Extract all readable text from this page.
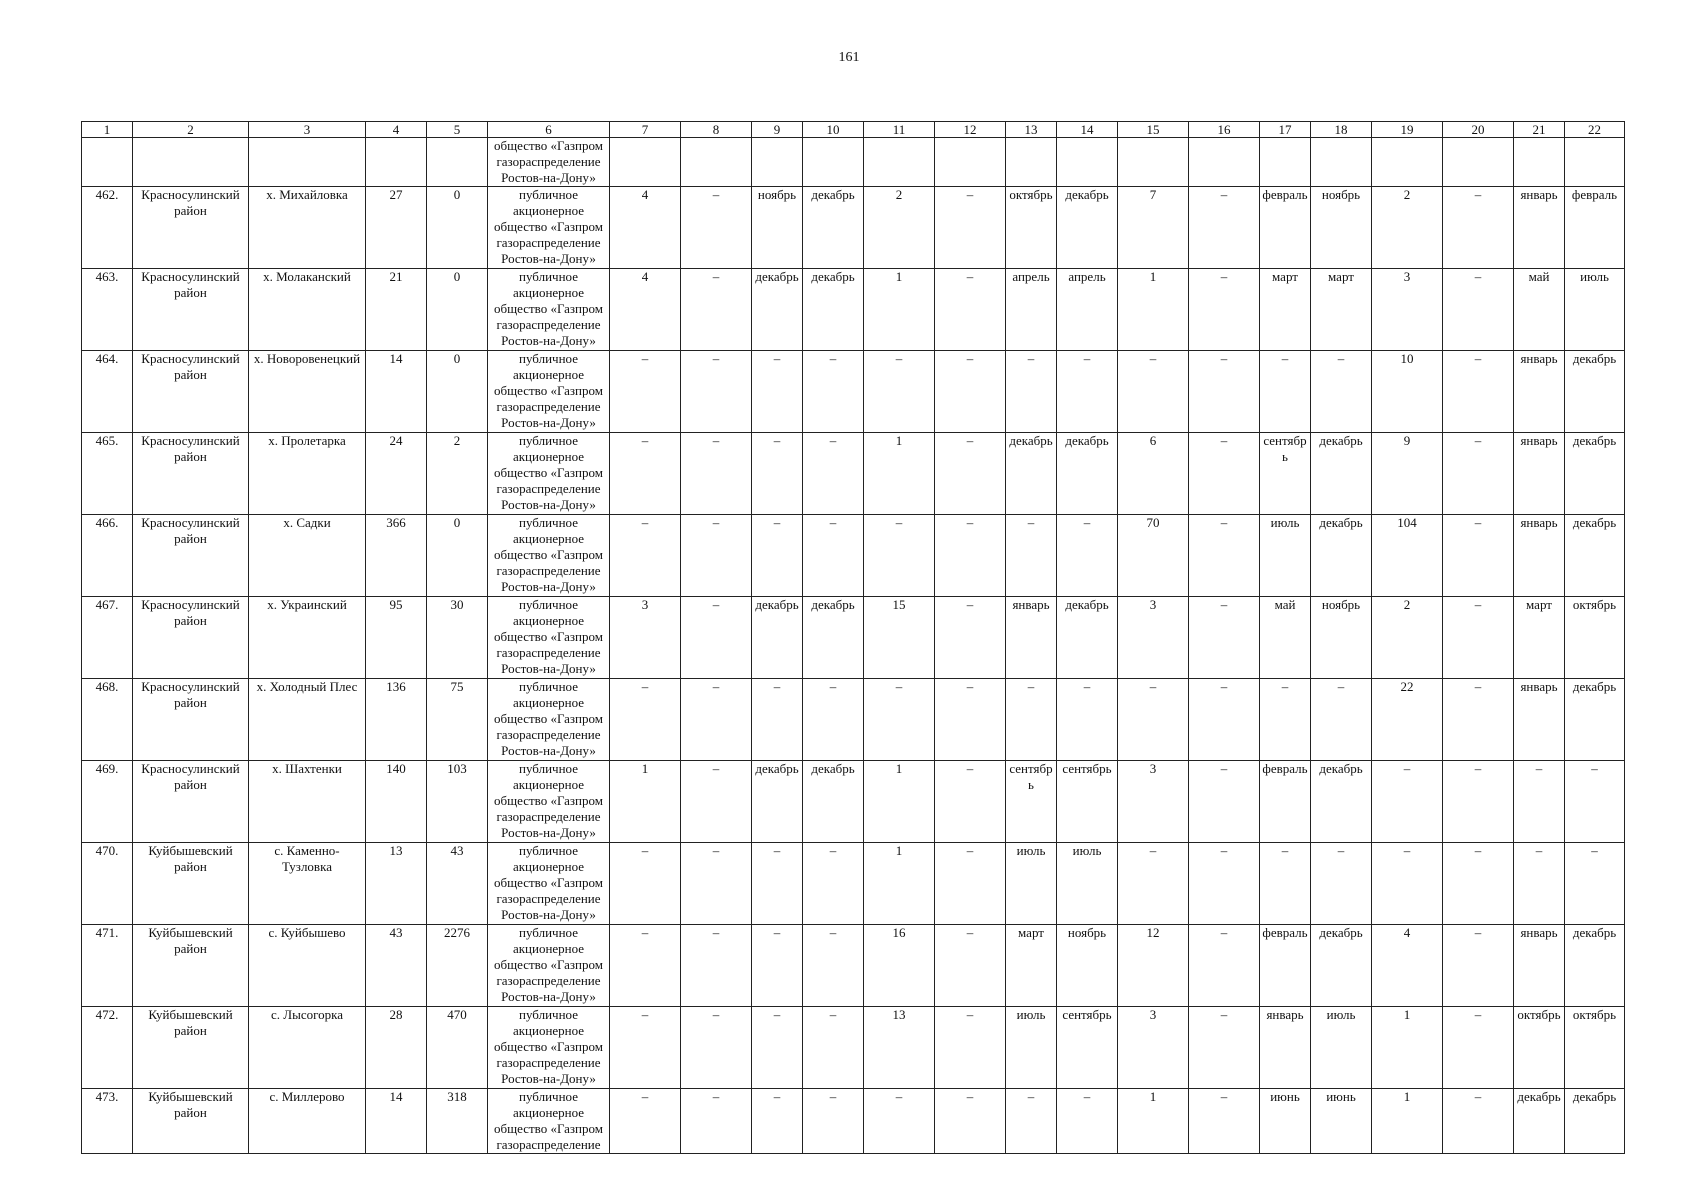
161
1	2	3	4	5	6	7	8	9	10	11	12	13	14	15	16	17	18	19	20	21	22
					общество «Газпром газораспределение Ростов-на-Дону»																
462.	Красносулинский район	х. Михайловка	27	0	публичное акционерное общество «Газпром газораспределение Ростов-на-Дону»	4	–	ноябрь	декабрь	2	–	октябрь	декабрь	7	–	февраль	ноябрь	2	–	январь	февраль
463.	Красносулинский район	х. Молаканский	21	0	публичное акционерное общество «Газпром газораспределение Ростов-на-Дону»	4	–	декабрь	декабрь	1	–	апрель	апрель	1	–	март	март	3	–	май	июль
464.	Красносулинский район	х. Новоровенецкий	14	0	публичное акционерное общество «Газпром газораспределение Ростов-на-Дону»	–	–	–	–	–	–	–	–	–	–	–	–	10	–	январь	декабрь
465.	Красносулинский район	х. Пролетарка	24	2	публичное акционерное общество «Газпром газораспределение Ростов-на-Дону»	–	–	–	–	1	–	декабрь	декабрь	6	–	сентябрь	декабрь	9	–	январь	декабрь
466.	Красносулинский район	х. Садки	366	0	публичное акционерное общество «Газпром газораспределение Ростов-на-Дону»	–	–	–	–	–	–	–	–	70	–	июль	декабрь	104	–	январь	декабрь
467.	Красносулинский район	х. Украинский	95	30	публичное акционерное общество «Газпром газораспределение Ростов-на-Дону»	3	–	декабрь	декабрь	15	–	январь	декабрь	3	–	май	ноябрь	2	–	март	октябрь
468.	Красносулинский район	х. Холодный Плес	136	75	публичное акционерное общество «Газпром газораспределение Ростов-на-Дону»	–	–	–	–	–	–	–	–	–	–	–	–	22	–	январь	декабрь
469.	Красносулинский район	х. Шахтенки	140	103	публичное акционерное общество «Газпром газораспределение Ростов-на-Дону»	1	–	декабрь	декабрь	1	–	сентябрь	сентябрь	3	–	февраль	декабрь	–	–	–	–
470.	Куйбышевский район	с. Каменно-Тузловка	13	43	публичное акционерное общество «Газпром газораспределение Ростов-на-Дону»	–	–	–	–	1	–	июль	июль	–	–	–	–	–	–	–	–
471.	Куйбышевский район	с. Куйбышево	43	2276	публичное акционерное общество «Газпром газораспределение Ростов-на-Дону»	–	–	–	–	16	–	март	ноябрь	12	–	февраль	декабрь	4	–	январь	декабрь
472.	Куйбышевский район	с. Лысогорка	28	470	публичное акционерное общество «Газпром газораспределение Ростов-на-Дону»	–	–	–	–	13	–	июль	сентябрь	3	–	январь	июль	1	–	октябрь	октябрь
473.	Куйбышевский район	с. Миллерово	14	318	публичное акционерное общество «Газпром газораспределение	–	–	–	–	–	–	–	–	1	–	июнь	июнь	1	–	декабрь	декабрь
